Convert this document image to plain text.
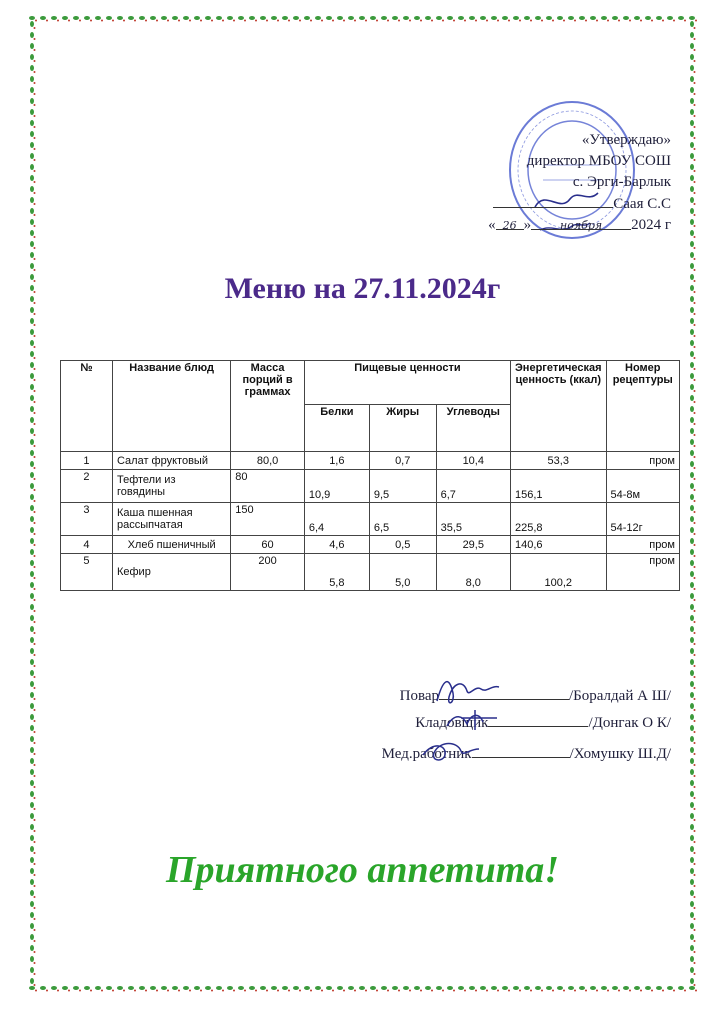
«Утверждаю»
директор МБОУ СОШ
с. Эрги-Барлык
Саая С.С
« 26 »	ноября 2024 г
Меню на 27.11.2024г
№	Название блюд	Масса порций в граммах	Пищевые ценности			Энергетическая ценность (ккал)	Номер рецептуры
			Белки	Жиры	Углеводы		
1	Салат фруктовый	80,0	1,6	0,7	10,4	53,3	пром
2	Тефтели из говядины	80	10,9	9,5	6,7	156,1	54-8м
3	Каша пшенная рассыпчатая	150	6,4	6,5	35,5	225,8	54-12г
4	Хлеб пшеничный	60	4,6	0,5	29,5	140,6	пром
5	Кефир	200	5,8	5,0	8,0	100,2	пром
Повар	/Боралдай А Ш/
Кладовщик	/Донгак О К/
Мед.работник	/Хомушку Ш.Д/
Приятного аппетита!
